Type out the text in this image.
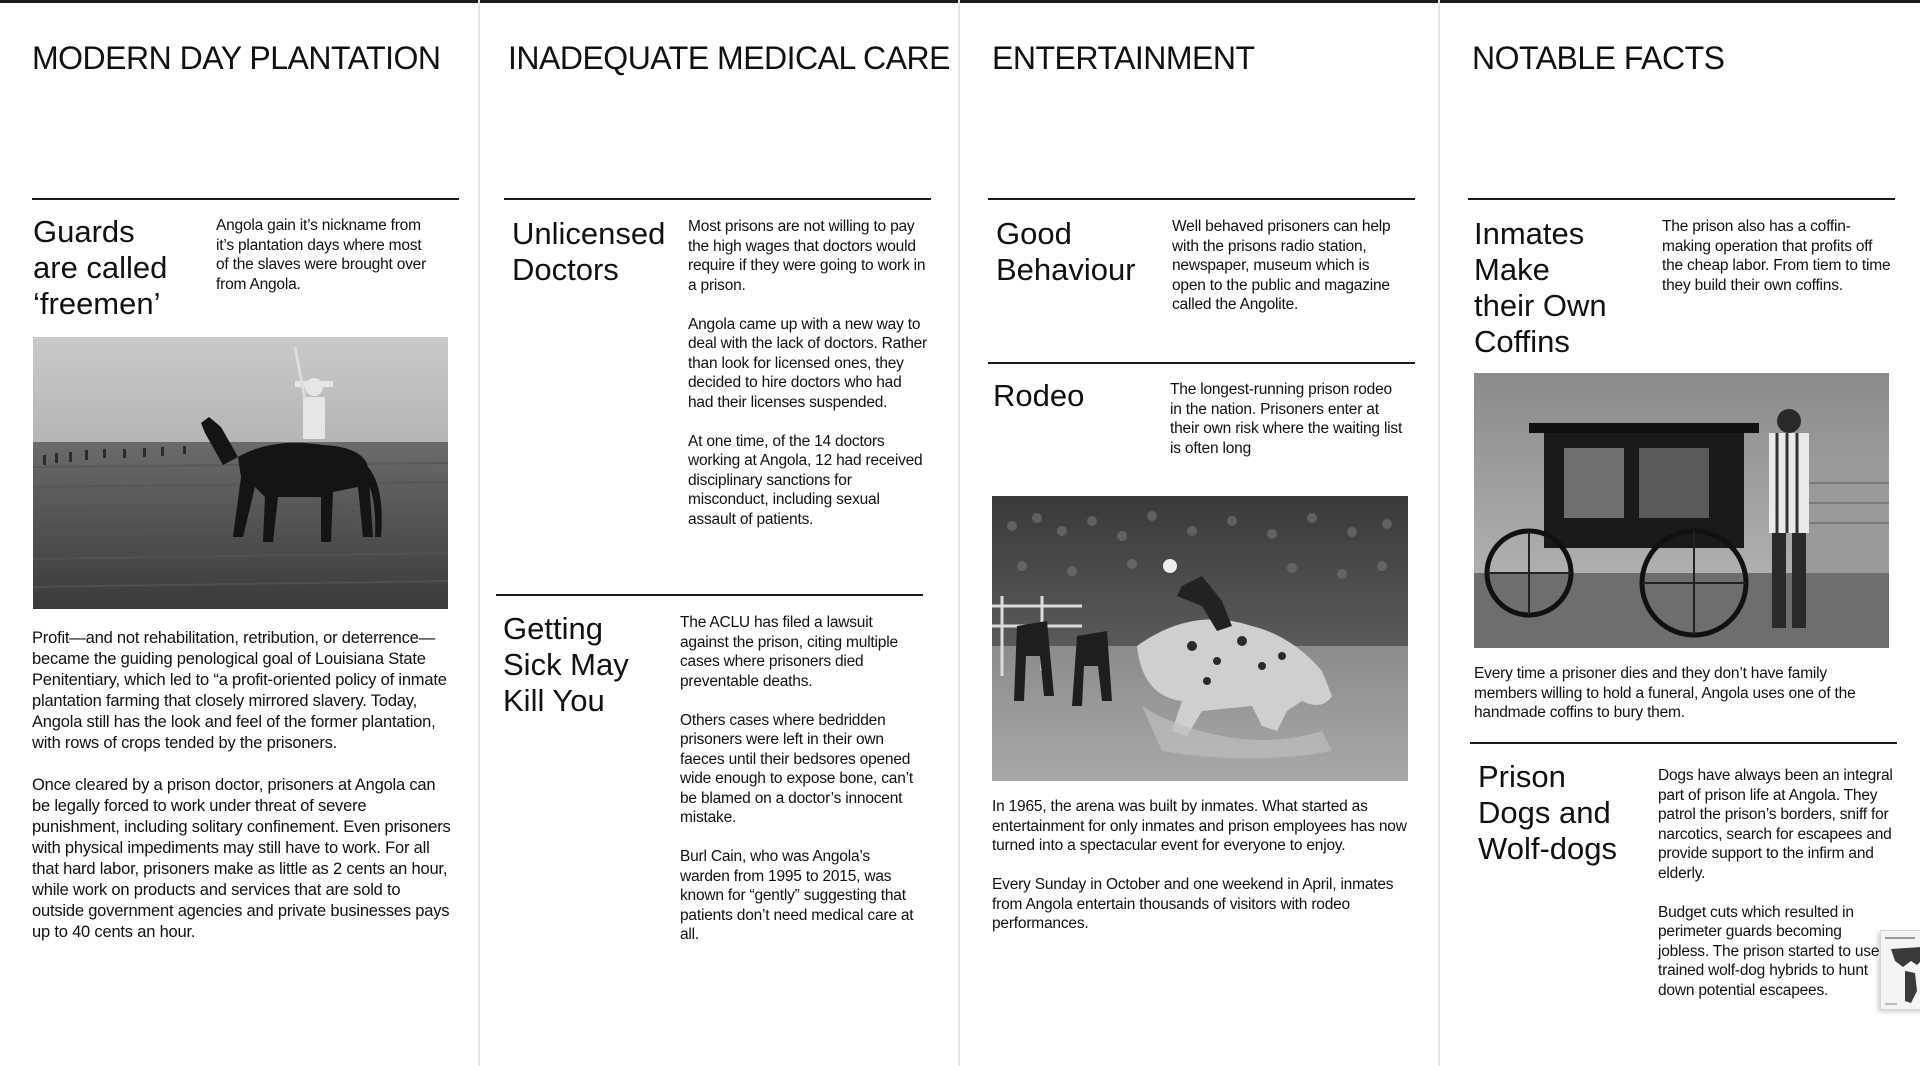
MODERN DAY PLANTATION
Guards
are called
‘freemen’

Angola gain it’s nickname from it’s plantation days where most of the slaves were brought over from Angola.

Profit—and not rehabilitation, retribution, or deterrence—became the guiding penological goal of Louisiana State Penitentiary, which led to “a profit-oriented policy of inmate plantation farming that closely mirrored slavery. Today, Angola still has the look and feel of the former plantation, with rows of crops tended by the prisoners.

Once cleared by a prison doctor, prisoners at Angola can be legally forced to work under threat of severe punishment, including solitary confinement. Even prisoners with physical impediments may still have to work. For all that hard labor, prisoners make as little as 2 cents an hour, while work on products and services that are sold to outside government agencies and private businesses pays up to 40 cents an hour.

INADEQUATE MEDICAL CARE
Unlicensed
Doctors

Most prisons are not willing to pay the high wages that doctors would require if they were going to work in a prison.

Angola came up with a new way to deal with the lack of doctors. Rather than look for licensed ones, they decided to hire doctors who had had their licenses suspended.

At one time, of the 14 doctors working at Angola, 12 had received disciplinary sanctions for misconduct, including sexual assault of patients.

Getting
Sick May
Kill You

The ACLU has filed a lawsuit against the prison, citing multiple cases where prisoners died preventable deaths.

Others cases where bedridden prisoners were left in their own faeces until their bedsores opened wide enough to expose bone, can’t be blamed on a doctor’s innocent mistake.

Burl Cain, who was Angola’s warden from 1995 to 2015, was known for “gently” suggesting that patients don’t need medical care at all.

ENTERTAINMENT
Good
Behaviour

Well behaved prisoners can help with the prisons radio station, newspaper, museum which is open to the public and magazine called the Angolite.

Rodeo	The longest-running prison rodeo in the nation. Prisoners enter at their own risk where the waiting list is often long

In 1965, the arena was built by inmates. What started as entertainment for only inmates and prison employees has now turned into a spectacular event for everyone to enjoy.

Every Sunday in October and one weekend in April, inmates from Angola entertain thousands of visitors with rodeo performances.

NOTABLE FACTS
Inmates
Make
their Own
Coffins

The prison also has a coffin-making operation that profits off the cheap labor. From tiem to time they build their own coffins.

Every time a prisoner dies and they don’t have family members willing to hold a funeral, Angola uses one of the handmade coffins to bury them.

Prison
Dogs and
Wolf-dogs

Dogs have always been an integral part of prison life at Angola. They patrol the prison’s borders, sniff for narcotics, search for escapees and provide support to the infirm and elderly.

Budget cuts which resulted in perimeter guards becoming jobless. The prison started to use trained wolf-dog hybrids to hunt down potential escapees.
